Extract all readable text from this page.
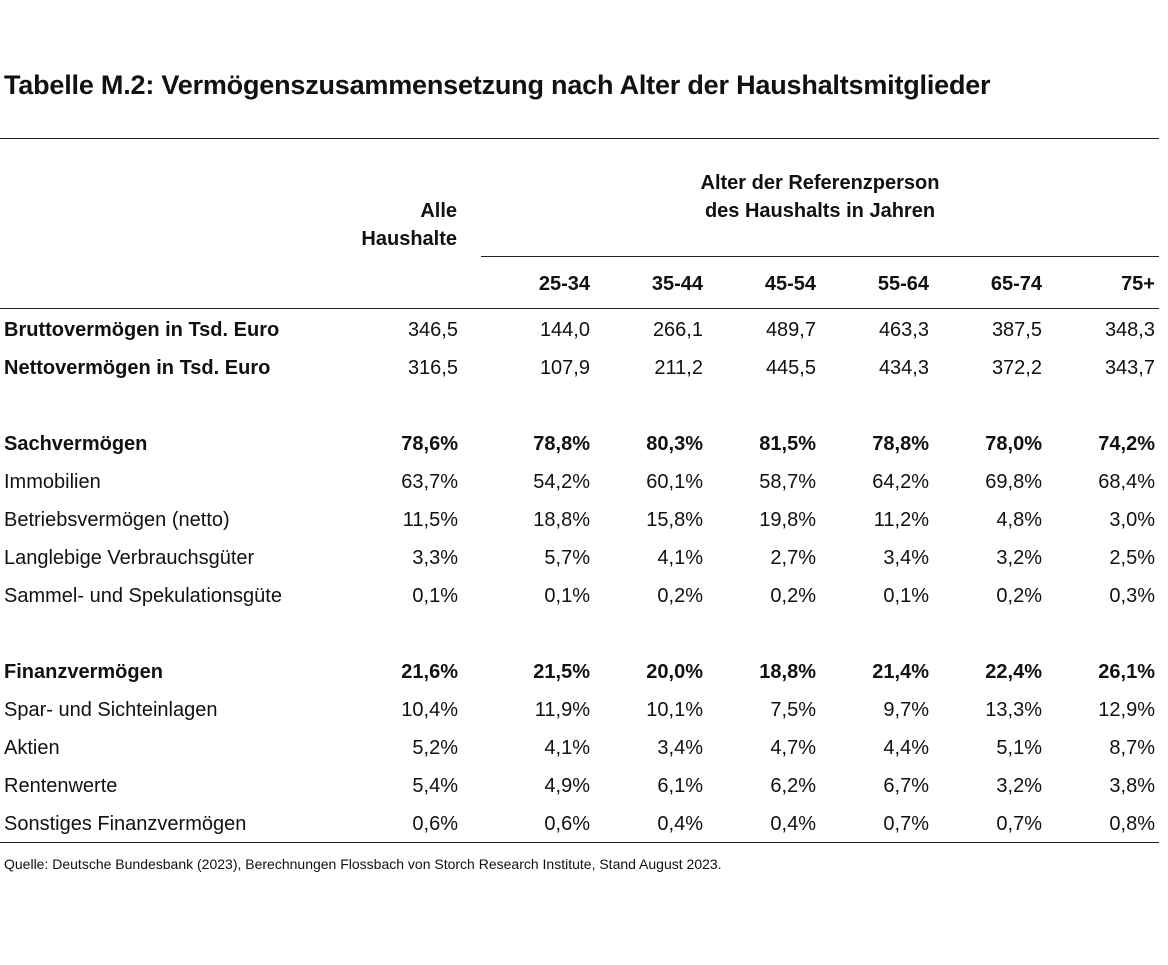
Tabelle M.2: Vermögenszusammensetzung nach Alter der Haushaltsmitglieder
Alle
Haushalte
Alter der Referenzperson
des Haushalts in Jahren
25-34	35-44	45-54	55-64	65-74	75+
Bruttovermögen in Tsd. Euro	346,5	144,0	266,1	489,7	463,3	387,5	348,3
Nettovermögen in Tsd. Euro	316,5	107,9	211,2	445,5	434,3	372,2	343,7
Sachvermögen	78,6%	78,8%	80,3%	81,5%	78,8%	78,0%	74,2%
Immobilien	63,7%	54,2%	60,1%	58,7%	64,2%	69,8%	68,4%
Betriebsvermögen (netto)	11,5%	18,8%	15,8%	19,8%	11,2%	4,8%	3,0%
Langlebige Verbrauchsgüter	3,3%	5,7%	4,1%	2,7%	3,4%	3,2%	2,5%
Sammel- und Spekulationsgüte	0,1%	0,1%	0,2%	0,2%	0,1%	0,2%	0,3%
Finanzvermögen	21,6%	21,5%	20,0%	18,8%	21,4%	22,4%	26,1%
Spar- und Sichteinlagen	10,4%	11,9%	10,1%	7,5%	9,7%	13,3%	12,9%
Aktien	5,2%	4,1%	3,4%	4,7%	4,4%	5,1%	8,7%
Rentenwerte	5,4%	4,9%	6,1%	6,2%	6,7%	3,2%	3,8%
Sonstiges Finanzvermögen	0,6%	0,6%	0,4%	0,4%	0,7%	0,7%	0,8%
Quelle: Deutsche Bundesbank (2023), Berechnungen Flossbach von Storch Research Institute, Stand August 2023.
